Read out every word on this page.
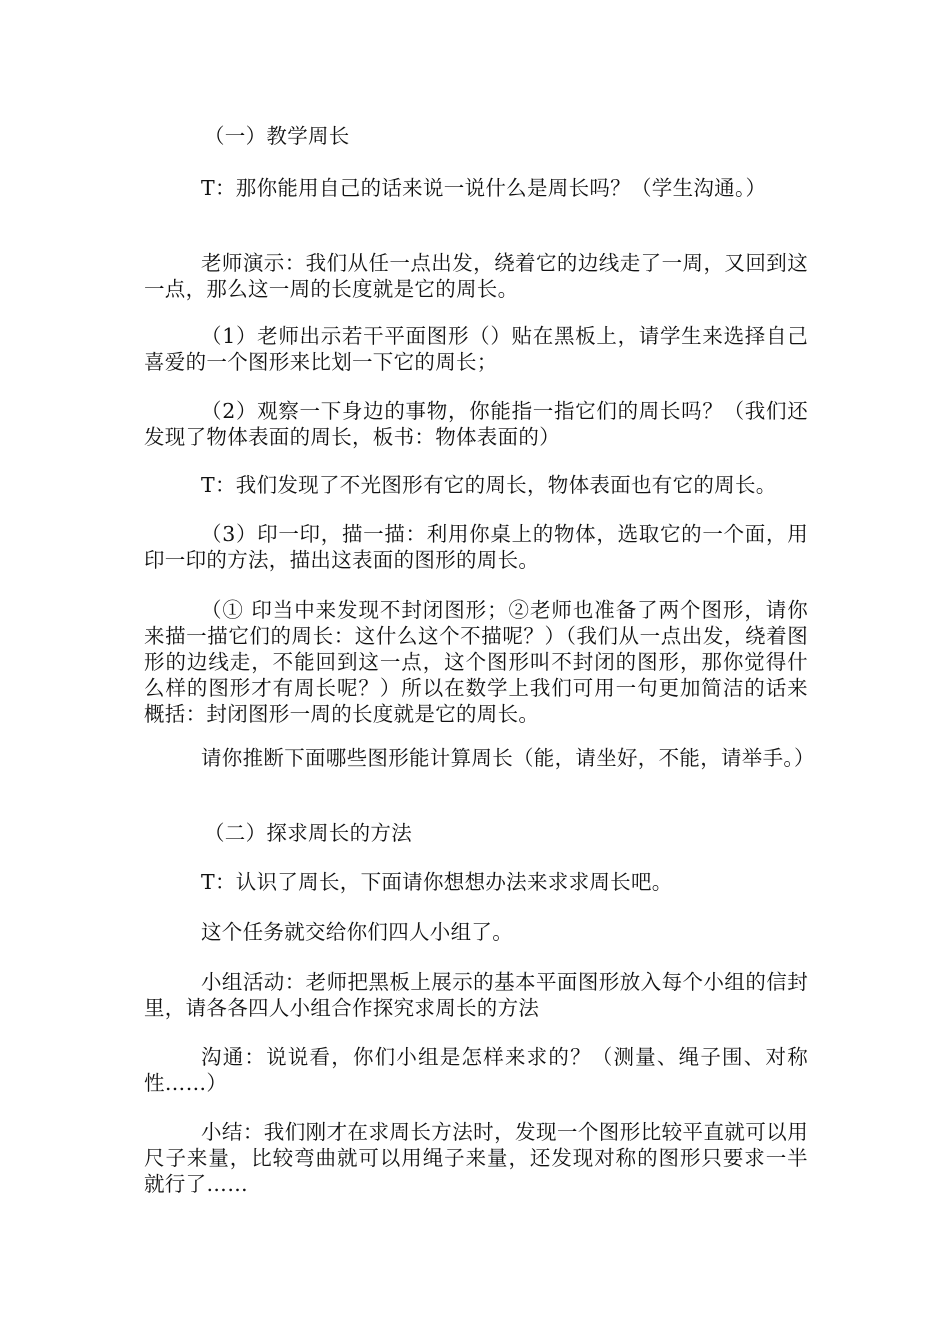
（一）教学周长

T：那你能用自己的话来说一说什么是周长吗？（学生沟通。）

老师演示：我们从任一点出发，绕着它的边线走了一周，又回到这一点，那么这一周的长度就是它的周长。

（1）老师出示若干平面图形（）贴在黑板上，请学生来选择自己喜爱的一个图形来比划一下它的周长；

（2）观察一下身边的事物，你能指一指它们的周长吗？（我们还发现了物体表面的周长，板书：物体表面的）

T：我们发现了不光图形有它的周长，物体表面也有它的周长。

（3）印一印，描一描：利用你桌上的物体，选取它的一个面，用印一印的方法，描出这表面的图形的周长。

（① 印当中来发现不封闭图形；②老师也准备了两个图形，请你来描一描它们的周长：这什么这个不描呢？）（我们从一点出发，绕着图形的边线走，不能回到这一点，这个图形叫不封闭的图形，那你觉得什么样的图形才有周长呢？）所以在数学上我们可用一句更加简洁的话来概括：封闭图形一周的长度就是它的周长。

请你推断下面哪些图形能计算周长（能，请坐好，不能，请举手。）

（二）探求周长的方法

T：认识了周长，下面请你想想办法来求求周长吧。

这个任务就交给你们四人小组了。

小组活动：老师把黑板上展示的基本平面图形放入每个小组的信封里，请各各四人小组合作探究求周长的方法

沟通：说说看，你们小组是怎样来求的？（测量、绳子围、对称性……）

小结：我们刚才在求周长方法时，发现一个图形比较平直就可以用尺子来量，比较弯曲就可以用绳子来量，还发现对称的图形只要求一半就行了……
